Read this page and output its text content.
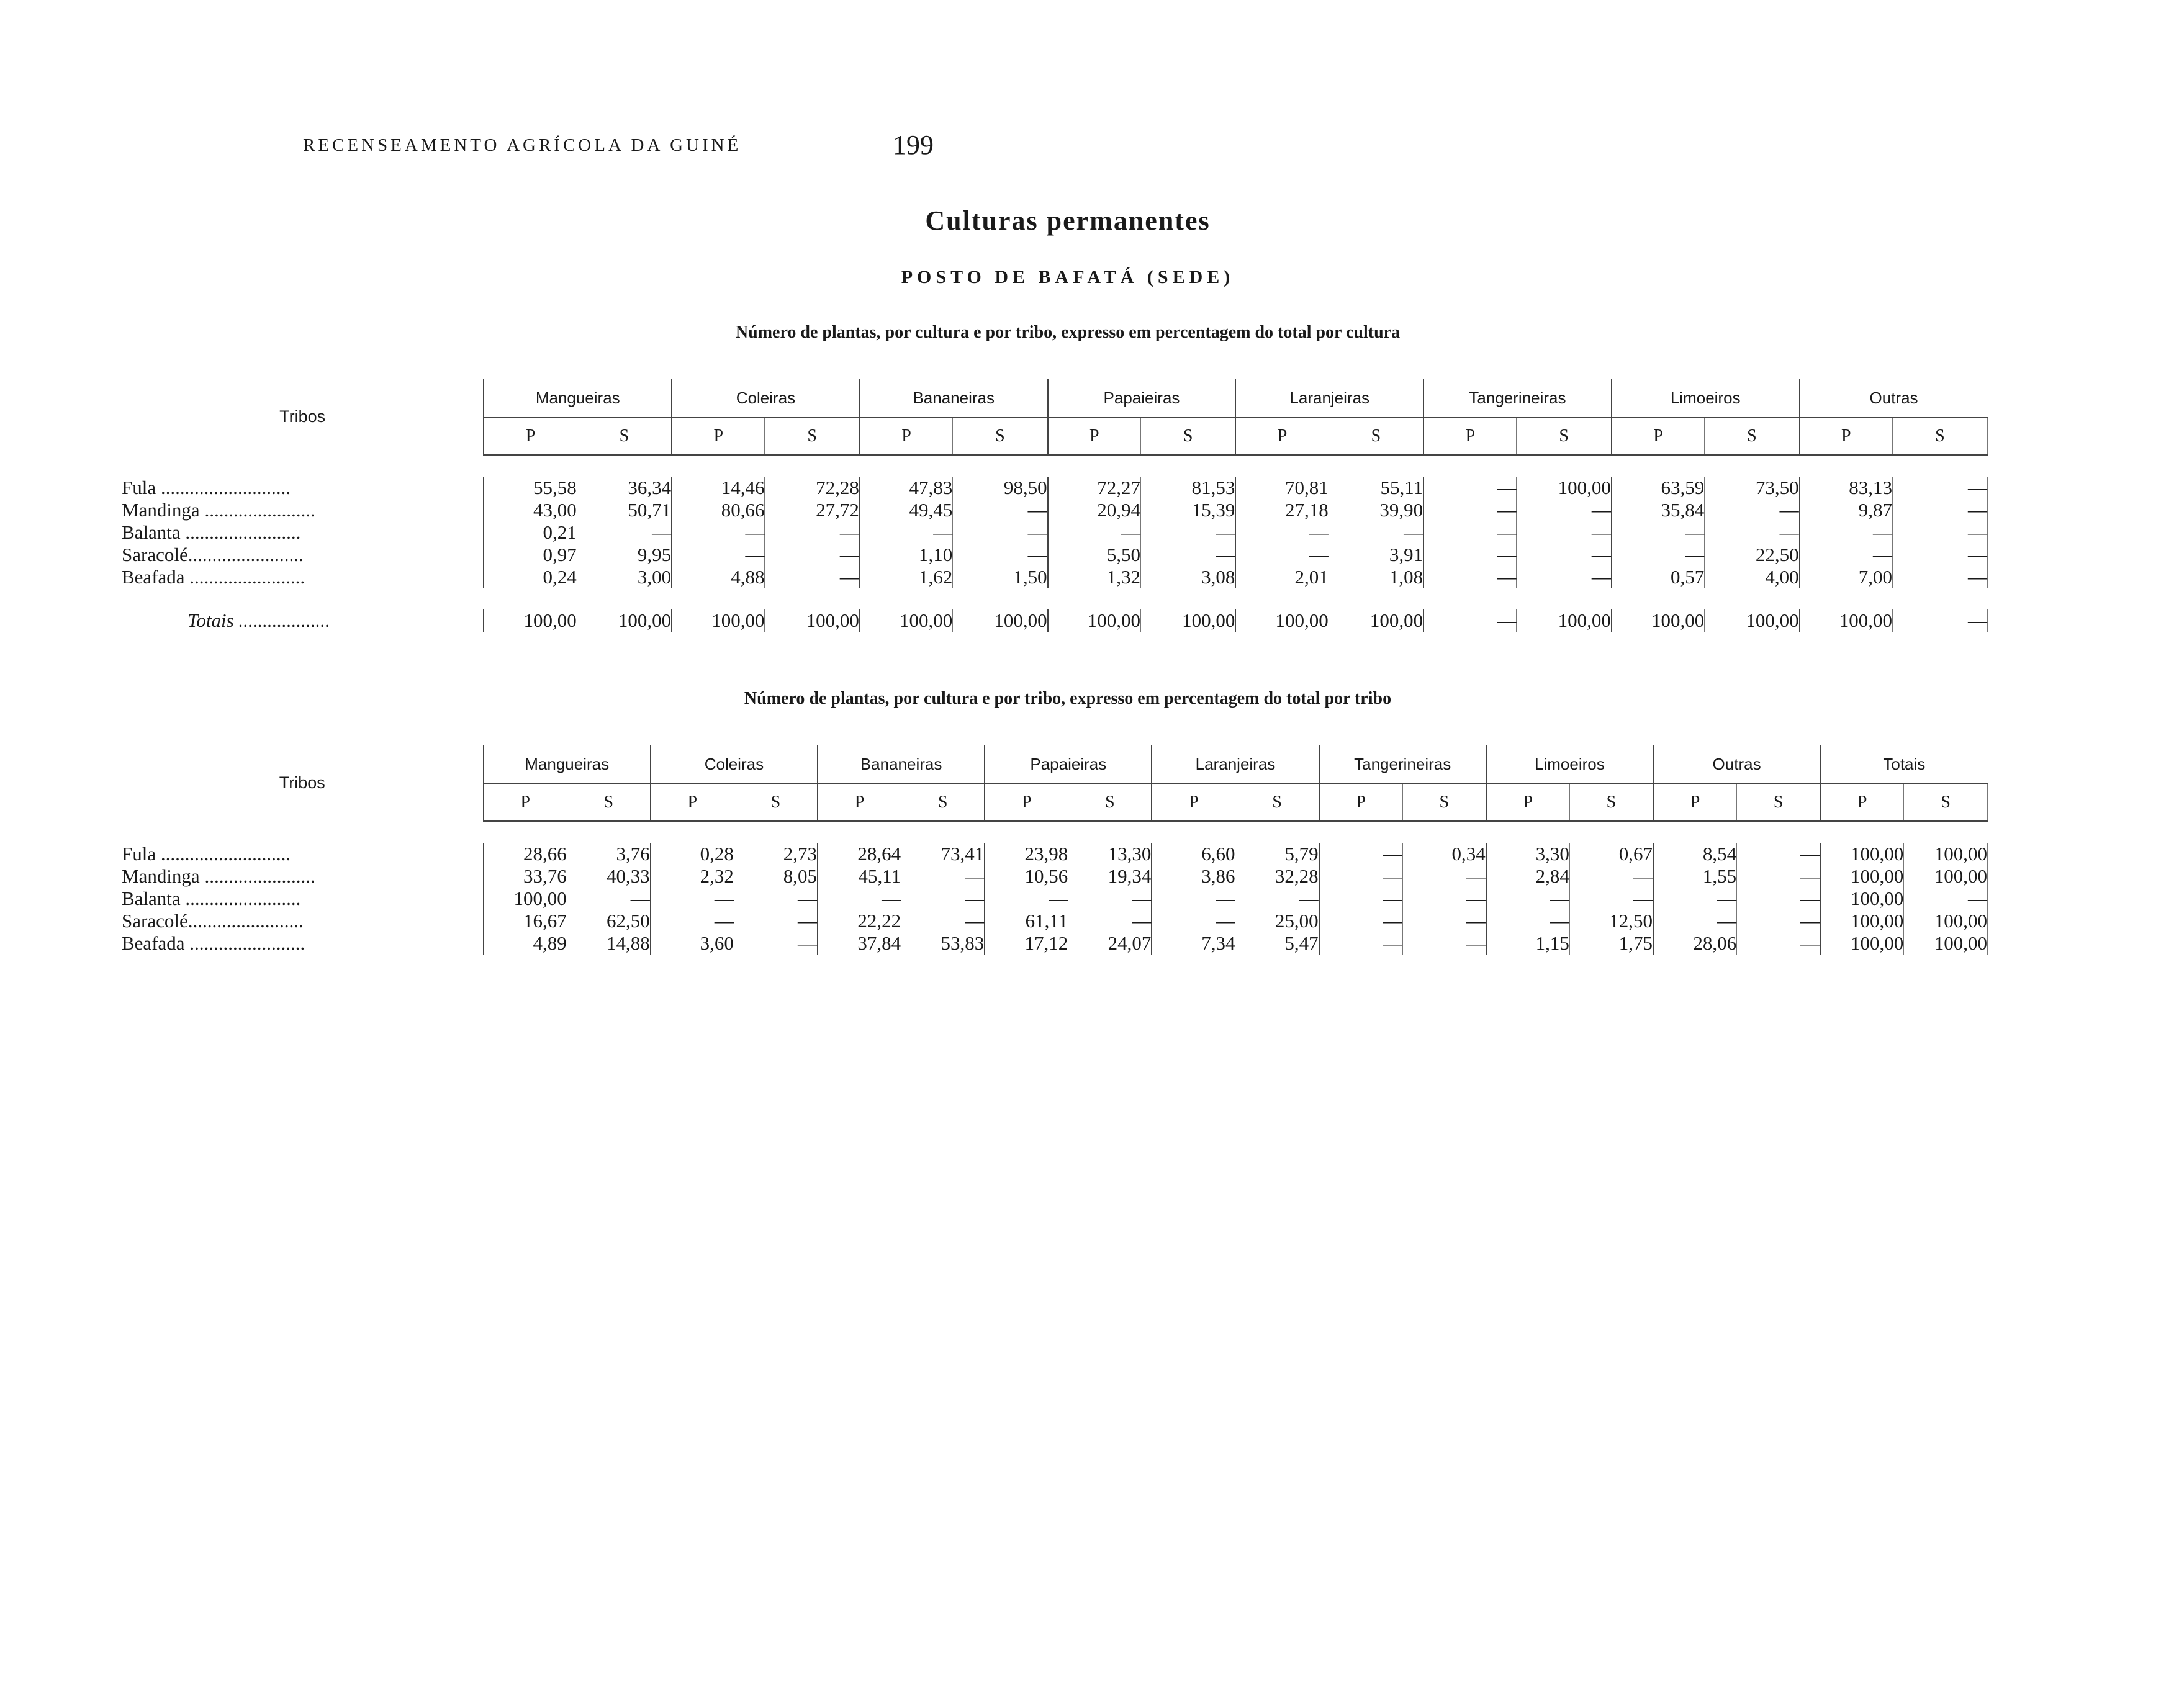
RECENSEAMENTO AGRÍCOLA DA GUINÉ	199
Culturas permanentes
POSTO DE BAFATÁ (SEDE)
Número de plantas, por cultura e por tribo, expresso em percentagem do total por cultura
Tribos	Mangueiras		Coleiras		Bananeiras		Papaieiras		Laranjeiras		Tangerineiras		Limoeiros		Outras	
	P	S	P	S	P	S	P	S	P	S	P	S	P	S	P	S

Fula ...........................	55,58	36,34	14,46	72,28	47,83	98,50	72,27	81,53	70,81	55,11	—	100,00	63,59	73,50	83,13	—
Mandinga .......................	43,00	50,71	80,66	27,72	49,45	—	20,94	15,39	27,18	39,90	—	—	35,84	—	9,87	—
Balanta ........................	0,21	—	—	—	—	—	—	—	—	—	—	—	—	—	—	—
Saracolé........................	0,97	9,95	—	—	1,10	—	5,50	—	—	3,91	—	—	—	22,50	—	—
Beafada ........................	0,24	3,00	4,88	—	1,62	1,50	1,32	3,08	2,01	1,08	—	—	0,57	4,00	7,00	—

Totais ...................	100,00	100,00	100,00	100,00	100,00	100,00	100,00	100,00	100,00	100,00	—	100,00	100,00	100,00	100,00	—
Número de plantas, por cultura e por tribo, expresso em percentagem do total por tribo
Tribos	Mangueiras		Coleiras		Bananeiras		Papaieiras		Laranjeiras		Tangerineiras		Limoeiros		Outras		Totais	
	P	S	P	S	P	S	P	S	P	S	P	S	P	S	P	S	P	S

Fula ...........................	28,66	3,76	0,28	2,73	28,64	73,41	23,98	13,30	6,60	5,79	—	0,34	3,30	0,67	8,54	—	100,00	100,00
Mandinga .......................	33,76	40,33	2,32	8,05	45,11	—	10,56	19,34	3,86	32,28	—	—	2,84	—	1,55	—	100,00	100,00
Balanta ........................	100,00	—	—	—	—	—	—	—	—	—	—	—	—	—	—	—	100,00	—
Saracolé........................	16,67	62,50	—	—	22,22	—	61,11	—	—	25,00	—	—	—	12,50	—	—	100,00	100,00
Beafada ........................	4,89	14,88	3,60	—	37,84	53,83	17,12	24,07	7,34	5,47	—	—	1,15	1,75	28,06	—	100,00	100,00
